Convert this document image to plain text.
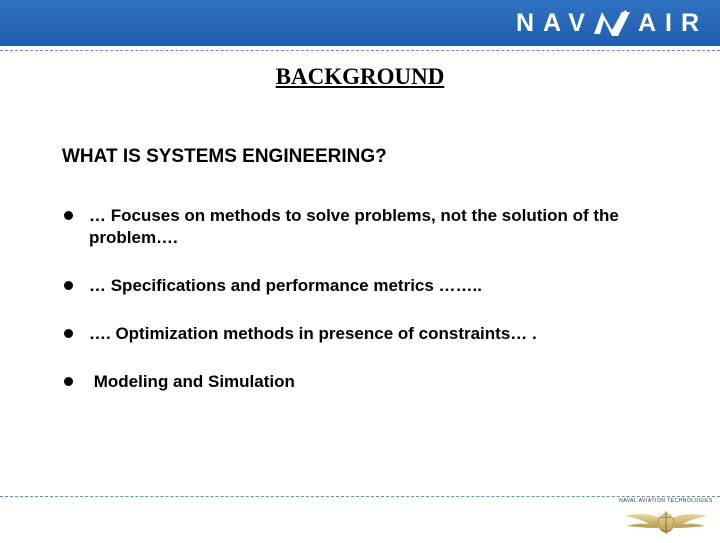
NAV AIR
BACKGROUND

WHAT IS SYSTEMS ENGINEERING?

… Focuses on methods to solve problems, not the solution of the problem….
… Specifications and performance metrics ……..
…. Optimization methods in presence of constraints… .
Modeling and Simulation
NAVAL AVIATION TECHNOLOGIES
